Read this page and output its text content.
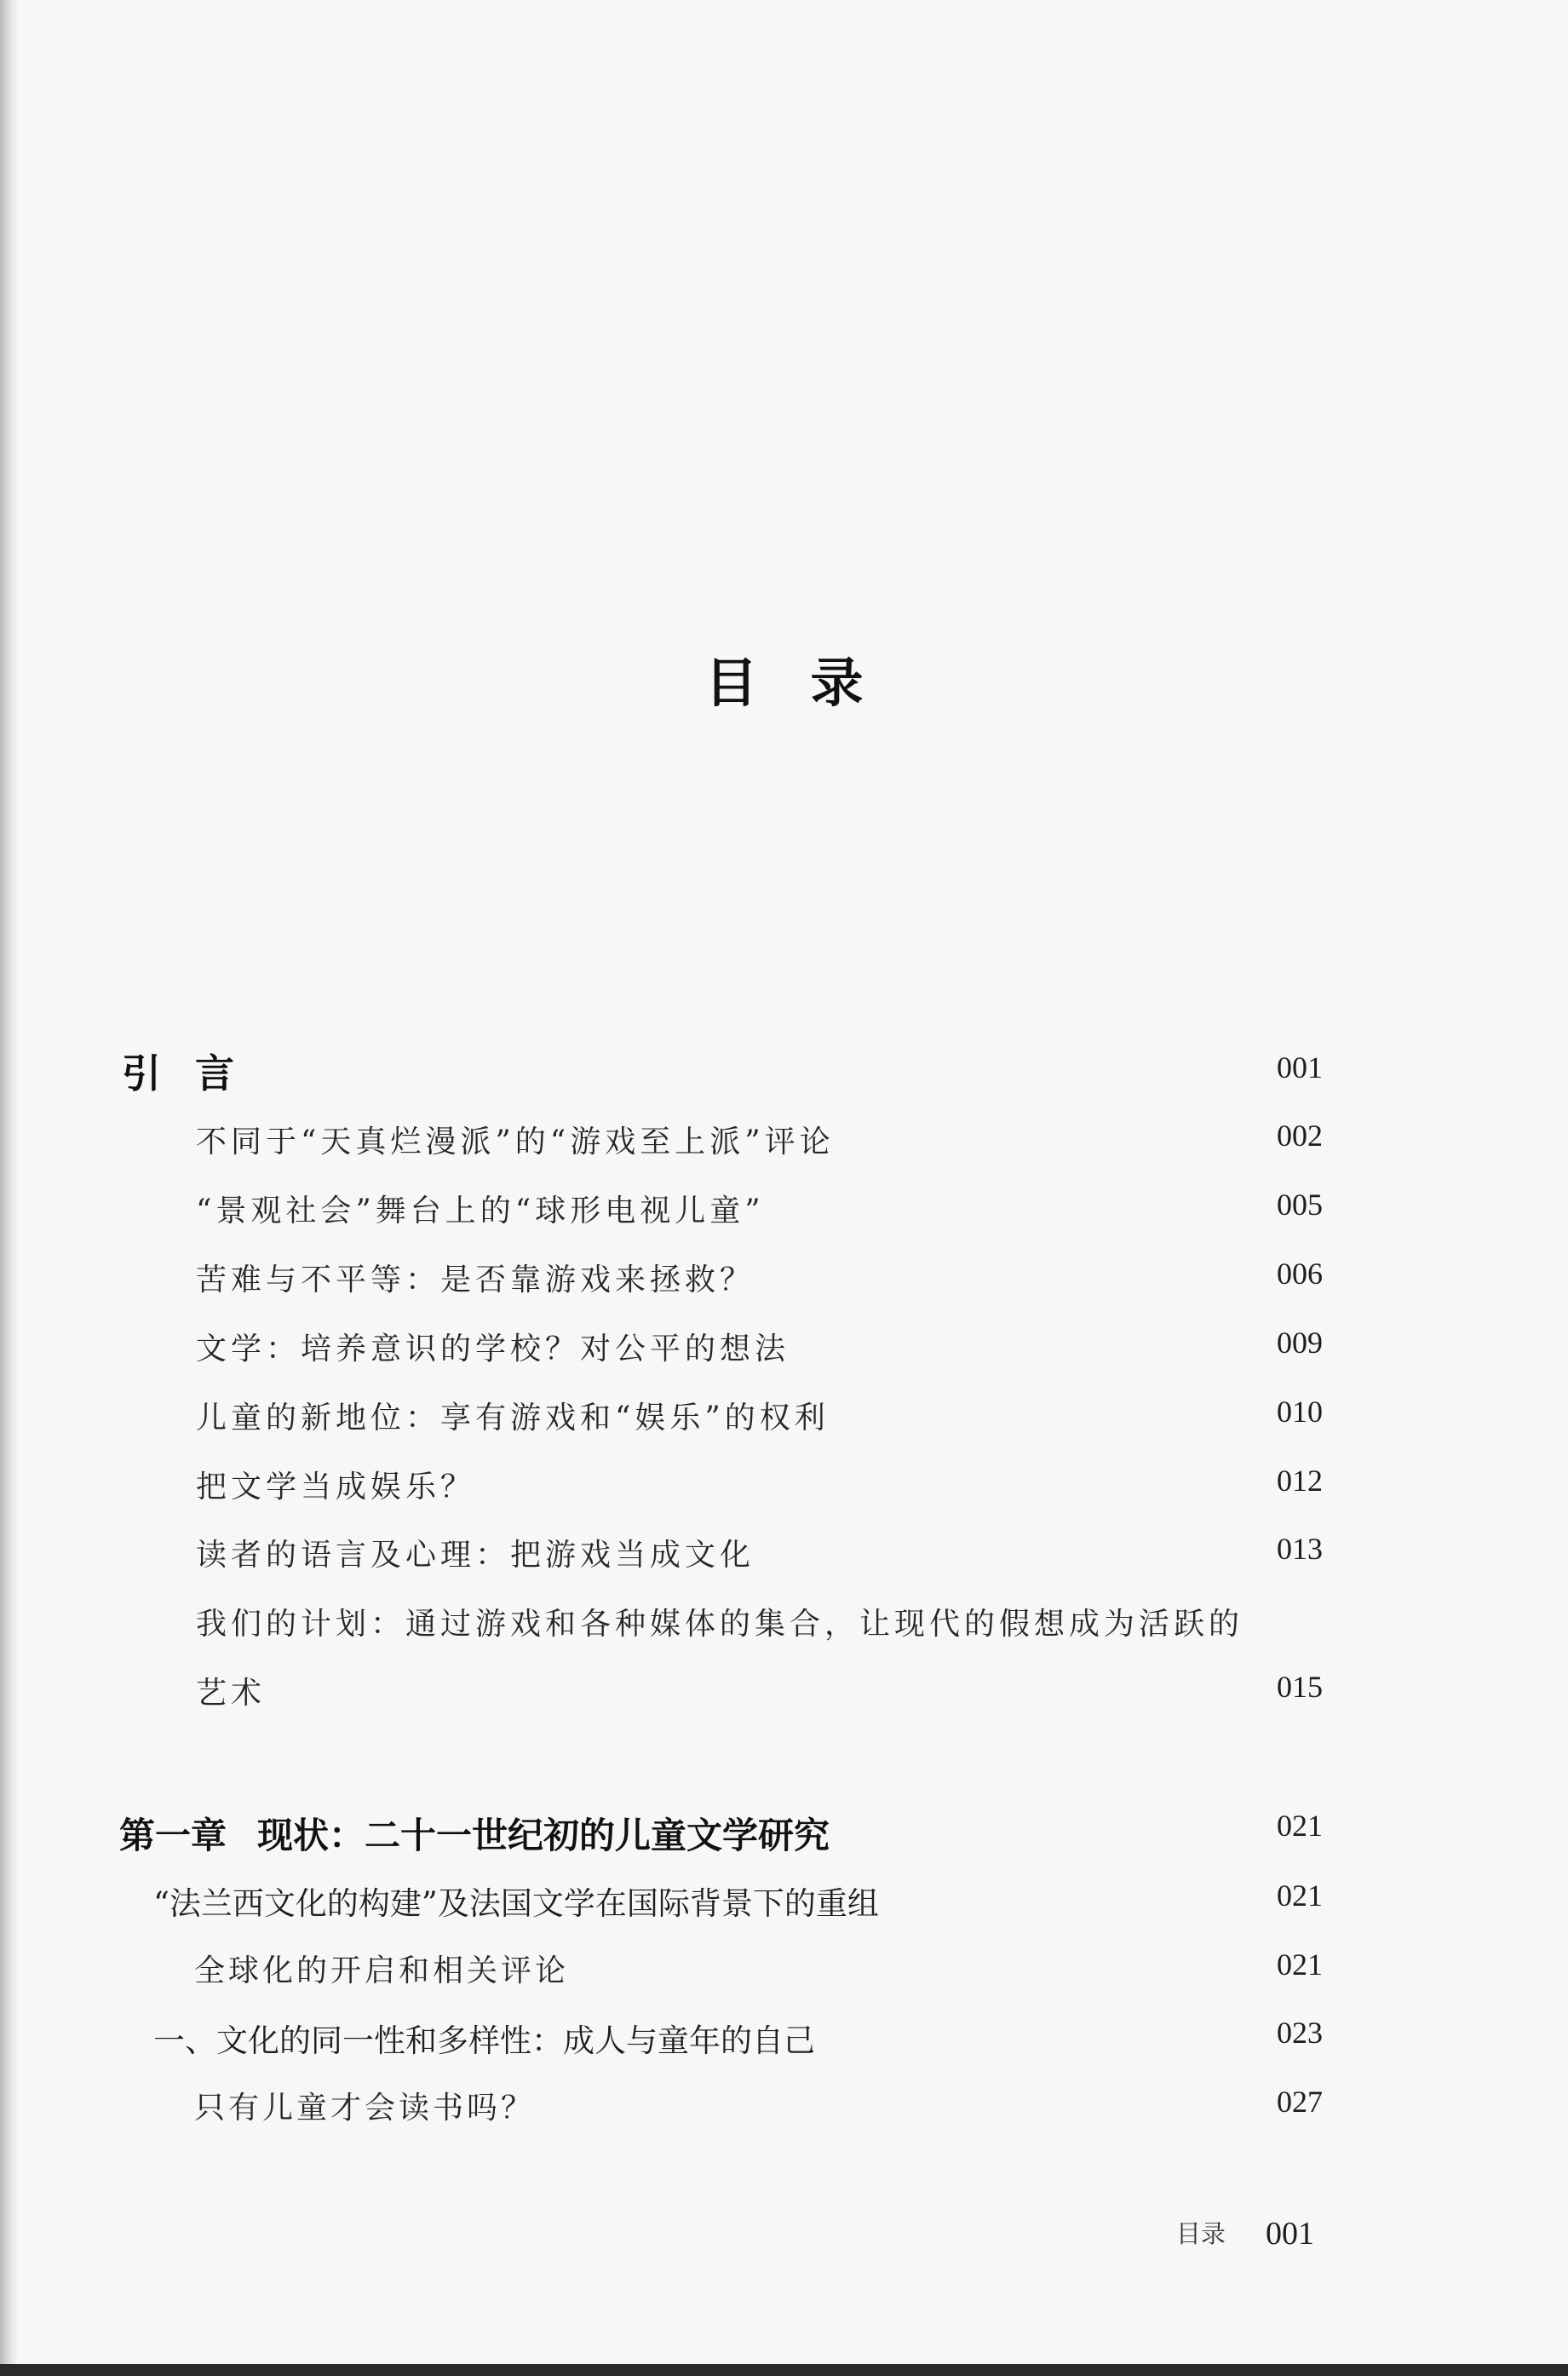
目录
引言	001
不同于“天真烂漫派”的“游戏至上派”评论	002
“景观社会”舞台上的“球形电视儿童”	005
苦难与不平等：是否靠游戏来拯救？	006
文学：培养意识的学校？对公平的想法	009
儿童的新地位：享有游戏和“娱乐”的权利	010
把文学当成娱乐？	012
读者的语言及心理：把游戏当成文化	013
我们的计划：通过游戏和各种媒体的集合，让现代的假想成为活跃的
艺术	015
第一章 现状：二十一世纪初的儿童文学研究	021
“法兰西文化的构建”及法国文学在国际背景下的重组	021
全球化的开启和相关评论	021
一、文化的同一性和多样性：成人与童年的自己	023
只有儿童才会读书吗？	027
目录 001
